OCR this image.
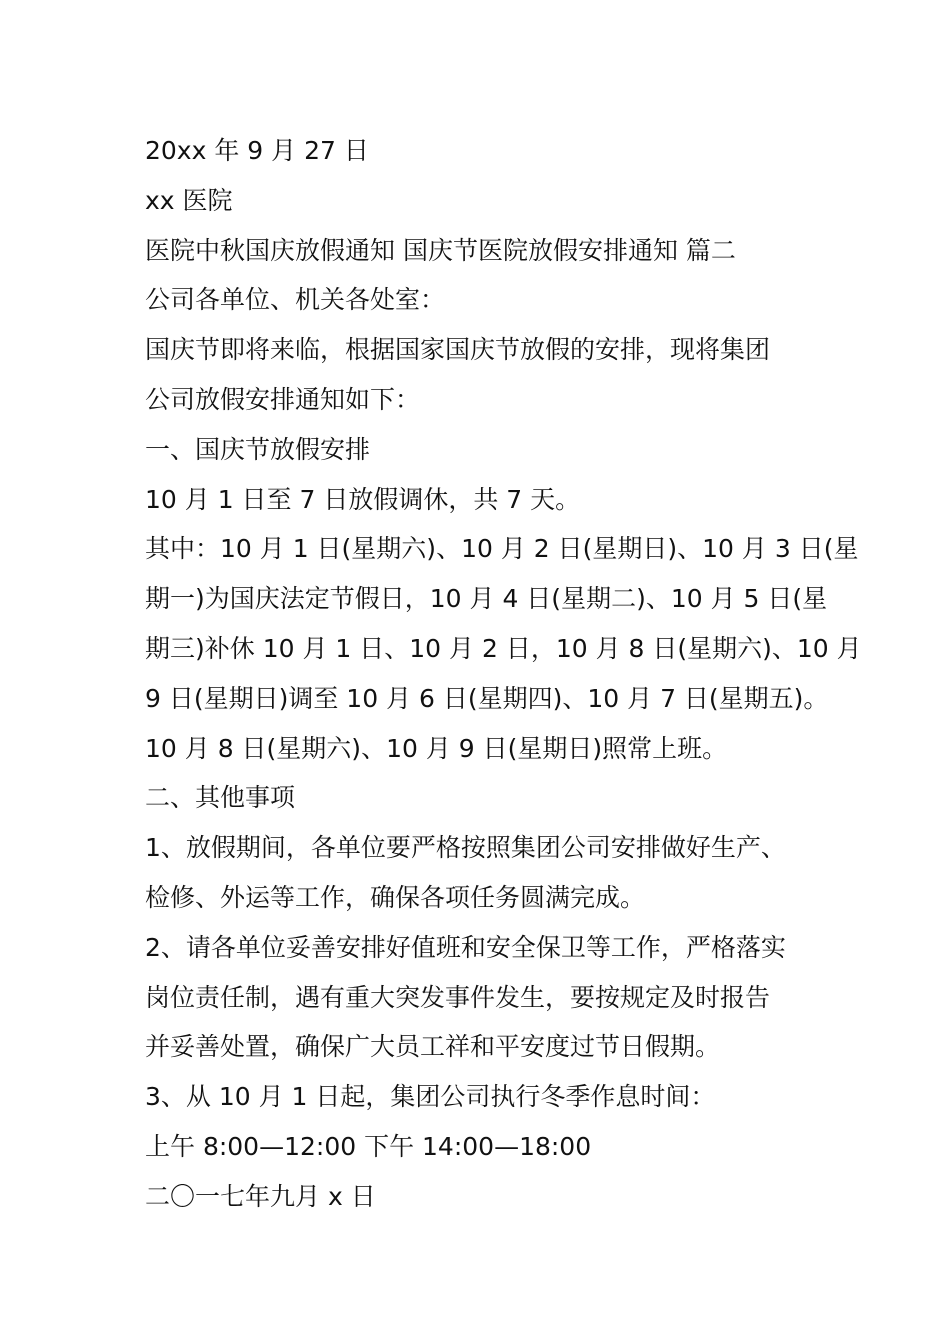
20xx 年 9 月 27 日
xx 医院
医院中秋国庆放假通知 国庆节医院放假安排通知 篇二
公司各单位、机关各处室：
国庆节即将来临，根据国家国庆节放假的安排，现将集团
公司放假安排通知如下：
一、国庆节放假安排
10 月 1 日至 7 日放假调休，共 7 天。
其中：10 月 1 日(星期六)、10 月 2 日(星期日)、10 月 3 日(星
期一)为国庆法定节假日，10 月 4 日(星期二)、10 月 5 日(星
期三)补休 10 月 1 日、10 月 2 日，10 月 8 日(星期六)、10 月
9 日(星期日)调至 10 月 6 日(星期四)、10 月 7 日(星期五)。
10 月 8 日(星期六)、10 月 9 日(星期日)照常上班。
二、其他事项
1、放假期间，各单位要严格按照集团公司安排做好生产、
检修、外运等工作，确保各项任务圆满完成。
2、请各单位妥善安排好值班和安全保卫等工作，严格落实
岗位责任制，遇有重大突发事件发生，要按规定及时报告
并妥善处置，确保广大员工祥和平安度过节日假期。
3、从 10 月 1 日起，集团公司执行冬季作息时间：
上午 8:00—12:00 下午 14:00—18:00
二〇一七年九月 x 日
